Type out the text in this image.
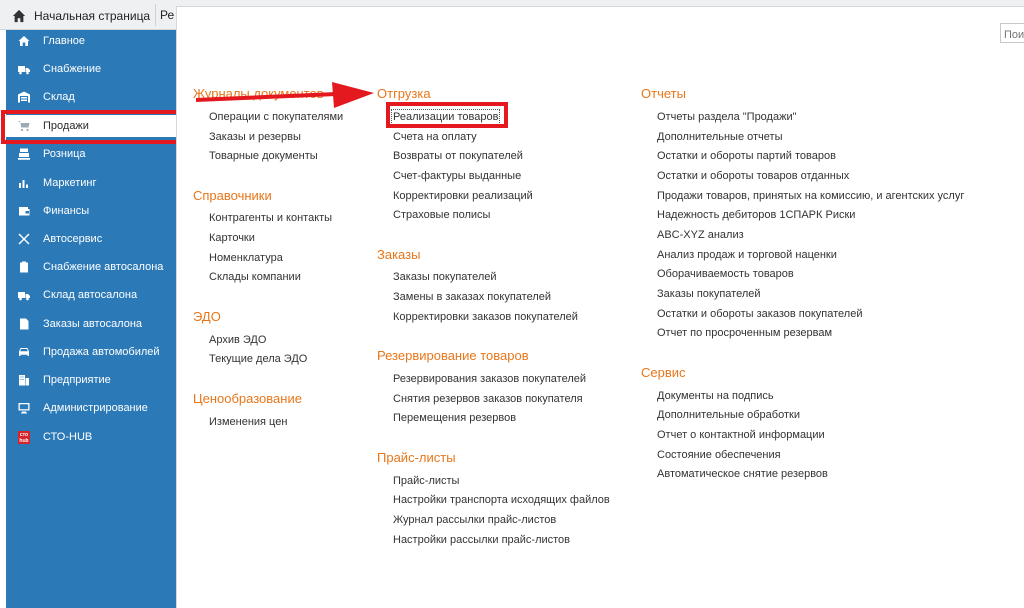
Начальная страница Ре
Главное
Снабжение
Склад
Продажи
Розница
Маркетинг
Финансы
Автосервис
Снабжение автосалона
Склад автосалона
Заказы автосалона
Продажа автомобилей
Предприятие
Администрирование
сто
hub СТО-HUB
Поис
Журналы документов
Операции с покупателями
Заказы и резервы
Товарные документы
Справочники
Контрагенты и контакты
Карточки
Номенклатура
Склады компании
ЭДО
Архив ЭДО
Текущие дела ЭДО
Ценообразование
Изменения цен
Отгрузка
Реализации товаров
Счета на оплату
Возвраты от покупателей
Счет-фактуры выданные
Корректировки реализаций
Страховые полисы
Заказы
Заказы покупателей
Замены в заказах покупателей
Корректировки заказов покупателей
Резервирование товаров
Резервирования заказов покупателей
Снятия резервов заказов покупателя
Перемещения резервов
Прайс-листы
Прайс-листы
Настройки транспорта исходящих файлов
Журнал рассылки прайс-листов
Настройки рассылки прайс-листов
Отчеты
Отчеты раздела "Продажи"
Дополнительные отчеты
Остатки и обороты партий товаров
Остатки и обороты товаров отданных
Продажи товаров, принятых на комиссию, и агентских услуг
Надежность дебиторов 1СПАРК Риски
ABC-XYZ анализ
Анализ продаж и торговой наценки
Оборачиваемость товаров
Заказы покупателей
Остатки и обороты заказов покупателей
Отчет по просроченным резервам
Сервис
Документы на подпись
Дополнительные обработки
Отчет о контактной информации
Состояние обеспечения
Автоматическое снятие резервов
